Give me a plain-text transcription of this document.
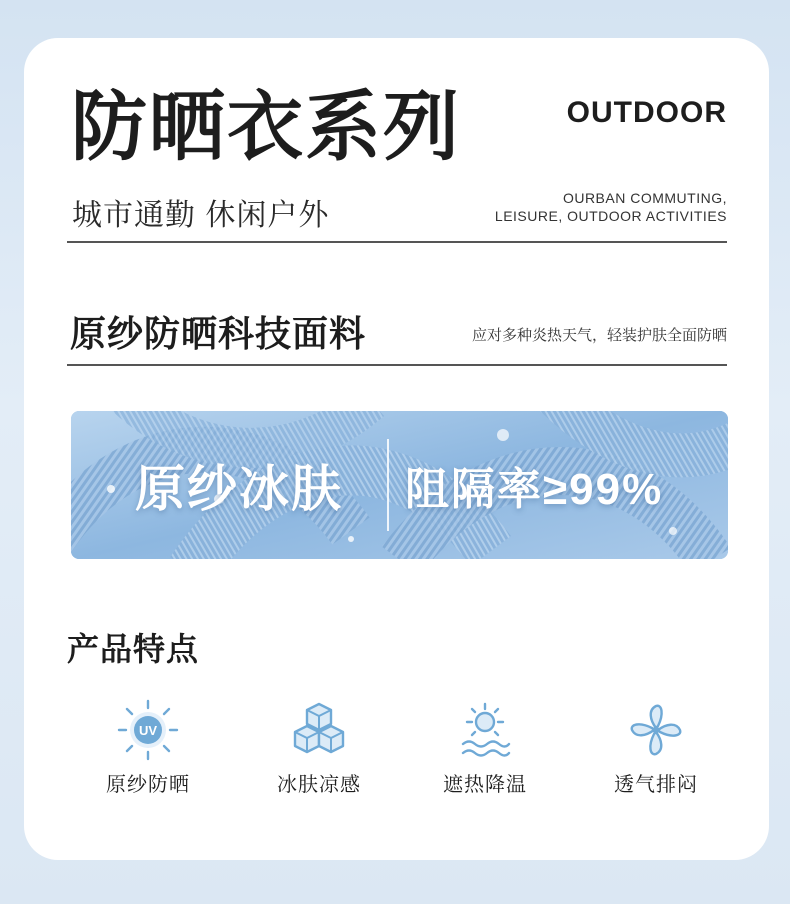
防晒衣系列	OUTDOOR
城市通勤 休闲户外
OURBAN COMMUTING,
LEISURE, OUTDOOR ACTIVITIES
原纱防晒科技面料	应对多种炎热天气，轻装护肤全面防晒
原纱冰肤 阻隔率≥99%
产品特点
UV
原纱防晒	冰肤凉感	遮热降温	透气排闷
